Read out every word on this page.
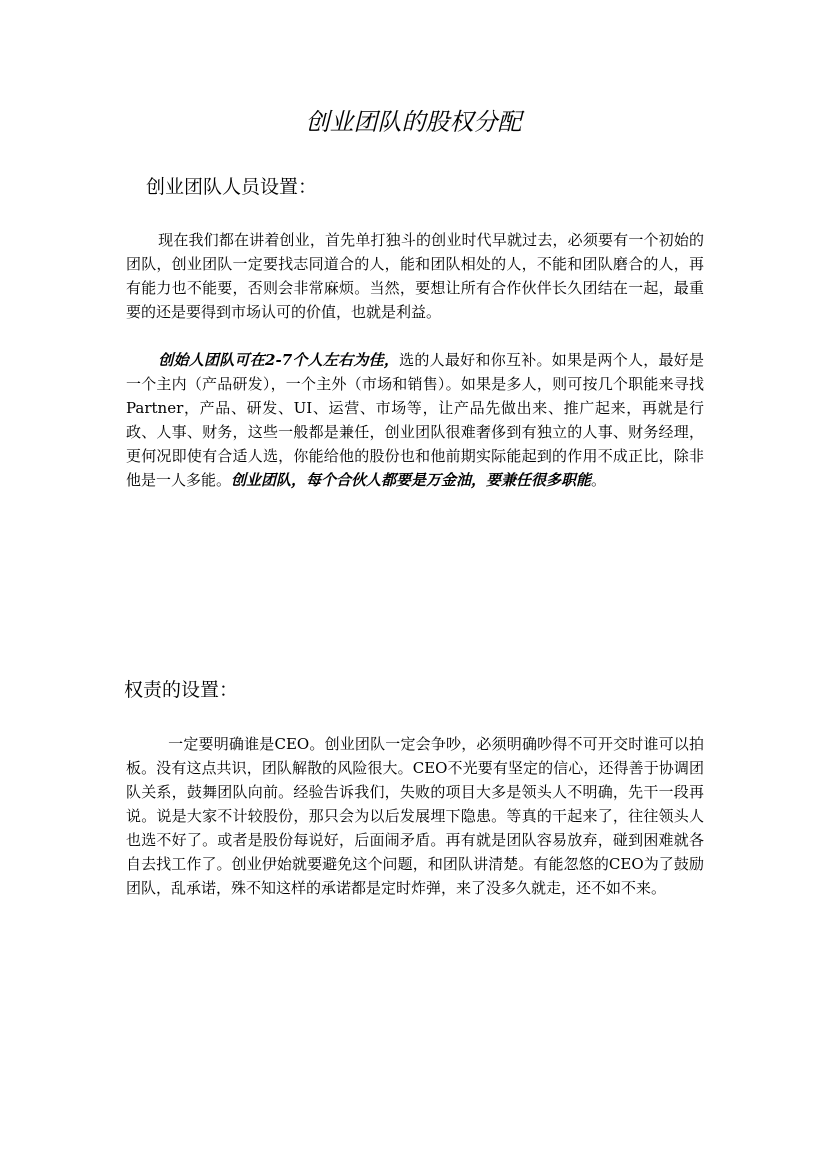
创业团队的股权分配
创业团队人员设置：

现在我们都在讲着创业，首先单打独斗的创业时代早就过去，必须要有一个初始的团队，创业团队一定要找志同道合的人，能和团队相处的人，不能和团队磨合的人，再有能力也不能要，否则会非常麻烦。当然，要想让所有合作伙伴长久团结在一起，最重要的还是要得到市场认可的价值，也就是利益。

创始人团队可在2-7个人左右为佳，选的人最好和你互补。如果是两个人，最好是一个主内（产品研发），一个主外（市场和销售）。如果是多人，则可按几个职能来寻找Partner，产品、研发、UI、运营、市场等，让产品先做出来、推广起来，再就是行政、人事、财务，这些一般都是兼任，创业团队很难奢侈到有独立的人事、财务经理，更何况即使有合适人选，你能给他的股份也和他前期实际能起到的作用不成正比，除非他是一人多能。创业团队，每个合伙人都要是万金油，要兼任很多职能。

权责的设置：

一定要明确谁是CEO。创业团队一定会争吵，必须明确吵得不可开交时谁可以拍板。没有这点共识，团队解散的风险很大。CEO不光要有坚定的信心，还得善于协调团队关系，鼓舞团队向前。经验告诉我们，失败的项目大多是领头人不明确，先干一段再说。说是大家不计较股份，那只会为以后发展埋下隐患。等真的干起来了，往往领头人也选不好了。或者是股份每说好，后面闹矛盾。再有就是团队容易放弃，碰到困难就各自去找工作了。创业伊始就要避免这个问题，和团队讲清楚。有能忽悠的CEO为了鼓励团队，乱承诺，殊不知这样的承诺都是定时炸弹，来了没多久就走，还不如不来。
